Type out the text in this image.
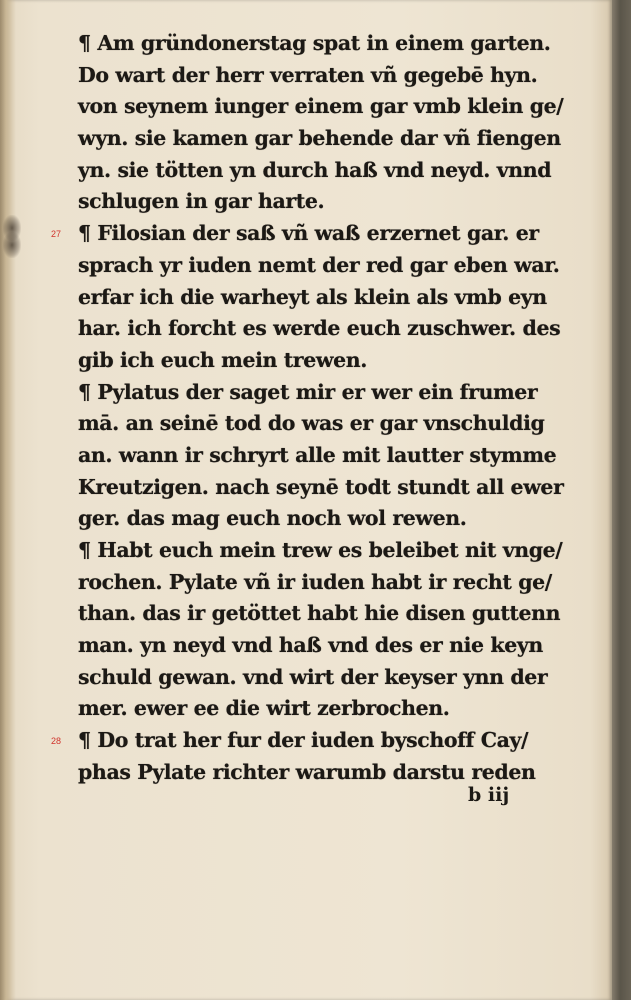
¶ Am gründonerstag spat in einem garten.
Do wart der herr verraten vñ gegebē hyn.
von seynem iunger einem gar vmb klein ge/
wyn. sie kamen gar behende dar vñ fiengen
yn. sie tötten yn durch haß vnd neyd. vnnd
schlugen in gar harte.
¶ Filosian der saß vñ waß erzernet gar. er
sprach yr iuden nemt der red gar eben war.
erfar ich die warheyt als klein als vmb eyn
har. ich forcht es werde euch zuschwer. des
gib ich euch mein trewen.
¶ Pylatus der saget mir er wer ein frumer
mā. an seinē tod do was er gar vnschuldig
an. wann ir schryrt alle mit lautter stymme
Kreutzigen. nach seynē todt stundt all ewer
ger. das mag euch noch wol rewen.
¶ Habt euch mein trew es beleibet nit vnge/
rochen. Pylate vñ ir iuden habt ir recht ge/
than. das ir getöttet habt hie disen guttenn
man. yn neyd vnd haß vnd des er nie keyn
schuld gewan. vnd wirt der keyser ynn der
mer. ewer ee die wirt zerbrochen.
¶ Do trat her fur der iuden byschoff Cay/
phas Pylate richter warumb darstu reden
27
28
b iij
